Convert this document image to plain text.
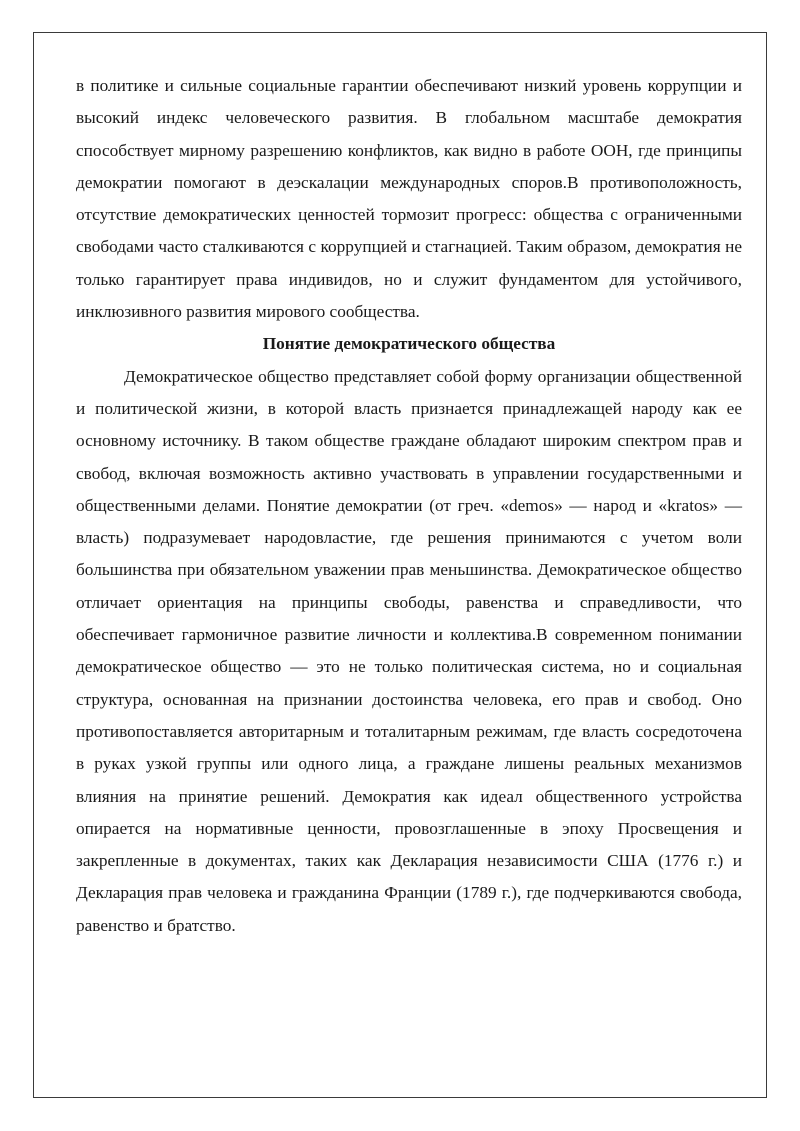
в политике и сильные социальные гарантии обеспечивают низкий уровень коррупции и высокий индекс человеческого развития. В глобальном масштабе демократия способствует мирному разрешению конфликтов, как видно в работе ООН, где принципы демократии помогают в деэскалации международных споров.В противоположность, отсутствие демократических ценностей тормозит прогресс: общества с ограниченными свободами часто сталкиваются с коррупцией и стагнацией. Таким образом, демократия не только гарантирует права индивидов, но и служит фундаментом для устойчивого, инклюзивного развития мирового сообщества.

Понятие демократического общества

Демократическое общество представляет собой форму организации общественной и политической жизни, в которой власть признается принадлежащей народу как ее основному источнику. В таком обществе граждане обладают широким спектром прав и свобод, включая возможность активно участвовать в управлении государственными и общественными делами. Понятие демократии (от греч. «demos» — народ и «kratos» — власть) подразумевает народовластие, где решения принимаются с учетом воли большинства при обязательном уважении прав меньшинства. Демократическое общество отличает ориентация на принципы свободы, равенства и справедливости, что обеспечивает гармоничное развитие личности и коллектива.В современном понимании демократическое общество — это не только политическая система, но и социальная структура, основанная на признании достоинства человека, его прав и свобод. Оно противопоставляется авторитарным и тоталитарным режимам, где власть сосредоточена в руках узкой группы или одного лица, а граждане лишены реальных механизмов влияния на принятие решений. Демократия как идеал общественного устройства опирается на нормативные ценности, провозглашенные в эпоху Просвещения и закрепленные в документах, таких как Декларация независимости США (1776 г.) и Декларация прав человека и гражданина Франции (1789 г.), где подчеркиваются свобода, равенство и братство.
